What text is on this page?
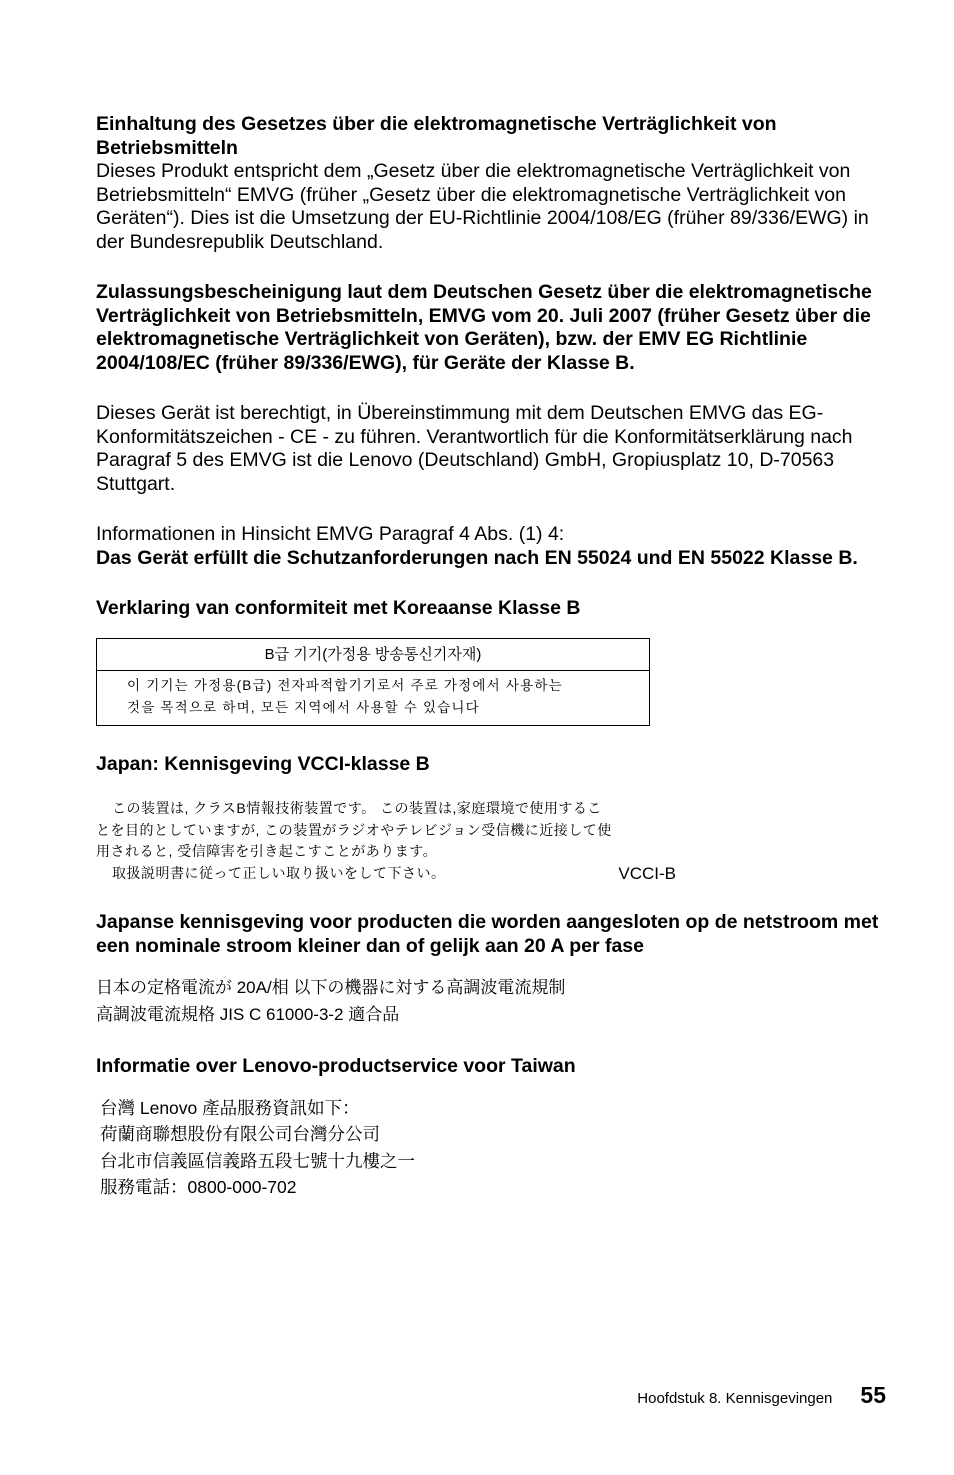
Einhaltung des Gesetzes über die elektromagnetische Verträglichkeit von Betriebsmitteln

Dieses Produkt entspricht dem „Gesetz über die elektromagnetische Verträglichkeit von Betriebsmitteln“ EMVG (früher „Gesetz über die elektromagnetische Verträglichkeit von Geräten“). Dies ist die Umsetzung der EU-Richtlinie 2004/108/EG (früher 89/336/EWG) in der Bundesrepublik Deutschland.

Zulassungsbescheinigung laut dem Deutschen Gesetz über die elektromagnetische Verträglichkeit von Betriebsmitteln, EMVG vom 20. Juli 2007 (früher Gesetz über die elektromagnetische Verträglichkeit von Geräten), bzw. der EMV EG Richtlinie 2004/108/EC (früher 89/336/EWG), für Geräte der Klasse B.

Dieses Gerät ist berechtigt, in Übereinstimmung mit dem Deutschen EMVG das EG-Konformitätszeichen - CE - zu führen. Verantwortlich für die Konformitätserklärung nach Paragraf 5 des EMVG ist die Lenovo (Deutschland) GmbH, Gropiusplatz 10, D-70563 Stuttgart.

Informationen in Hinsicht EMVG Paragraf 4 Abs. (1) 4:

Das Gerät erfüllt die Schutzanforderungen nach EN 55024 und EN 55022 Klasse B.

Verklaring van conformiteit met Koreaanse Klasse B

B급 기기(가정용 방송통신기자재)
이 기기는 가정용(B급) 전자파적합기기로서 주로 가정에서 사용하는
것을 목적으로 하며, 모든 지역에서 사용할 수 있습니다

Japan: Kennisgeving VCCI-klasse B

この装置は, クラスB情報技術装置です。 この装置は,家庭環境で使用するこ
とを目的としていますが, この装置がラジオやテレビジョン受信機に近接して使
用されると, 受信障害を引き起こすことがあります。
取扱説明書に従って正しい取り扱いをして下さい。	VCCI-B

Japanse kennisgeving voor producten die worden aangesloten op de netstroom met een nominale stroom kleiner dan of gelijk aan 20 A per fase

日本の定格電流が 20A/相 以下の機器に対する高調波電流規制
高調波電流規格 JIS C 61000-3-2 適合品

Informatie over Lenovo-productservice voor Taiwan

台灣 Lenovo 產品服務資訊如下：
荷蘭商聯想股份有限公司台灣分公司
台北市信義區信義路五段七號十九樓之一
服務電話：0800-000-702
Hoofdstuk 8. Kennisgevingen 55
